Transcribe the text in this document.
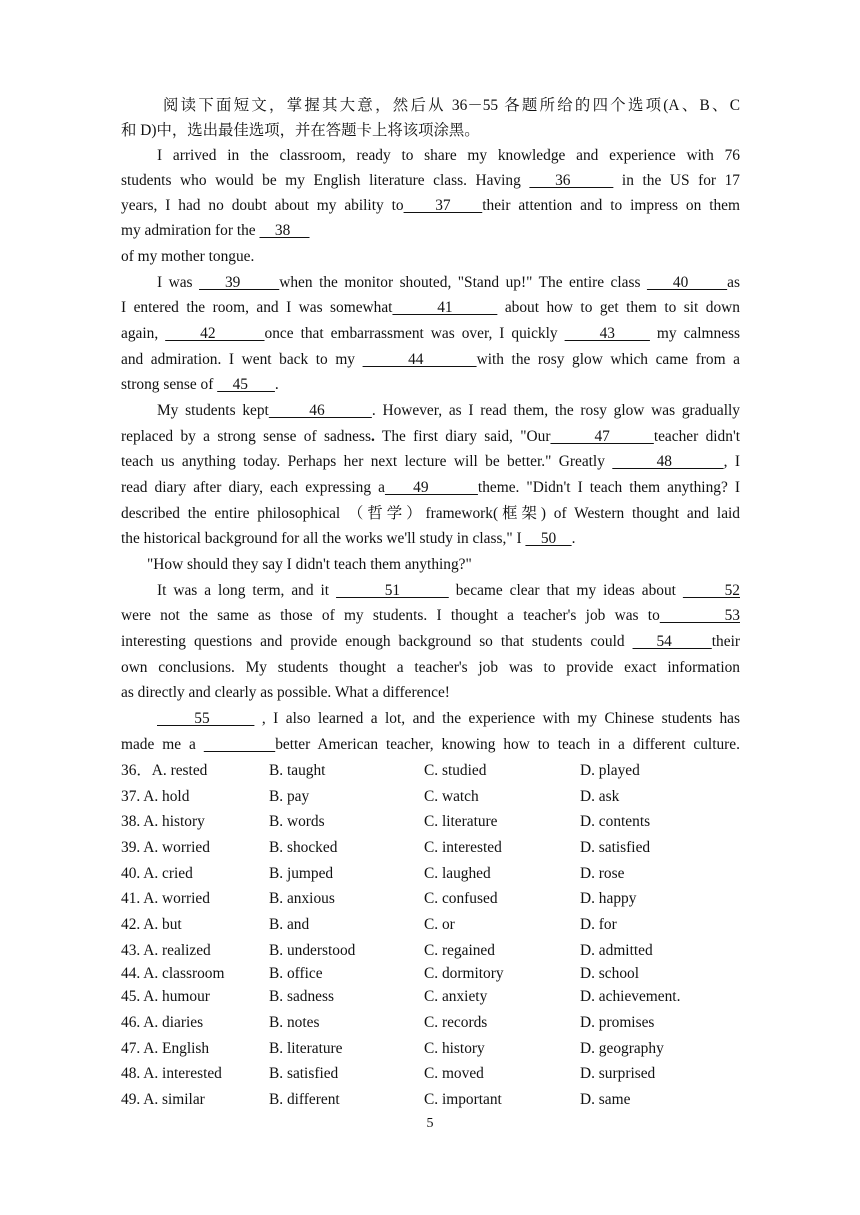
阅读下面短文，掌握其大意，然后从 36－55 各题所给的四个选项(A、B、C
和 D)中，选出最佳选项，并在答题卡上将该项涂黑。
I arrived in the classroom, ready to share my knowledge and experience with 76
students who would be my English literature class. Having    36      in the US for 17
years, I had no doubt about my ability to    37    their attention and to impress on them
my admiration for the     38
of my mother tongue.
I was     39      when the monitor shouted, "Stand up!" The entire class     40      as
I entered the room, and I was somewhat      41       about how to get them to sit down
again,      42       once that embarrassment was over, I quickly      43      my calmness
and admiration. I went back to my       44       with the rosy glow which came from a
strong sense of     45       .
My students kept      46       . However, as I read them, the rosy glow was gradually
replaced by a strong sense of sadness. The first diary said, "Our      47      teacher didn't
teach us anything today. Perhaps her next lecture will be better." Greatly       48       , I
read diary after diary, each expressing a    49       theme. "Didn't I teach them anything? I
described the entire philosophical （哲学）framework(框架) of Western thought and laid
the historical background for all the works we'll study in class," I     50    .
"How should they say I didn't teach them anything?"
It was a long term, and it        51        became clear that my ideas about       52
were not the same as those of my students. I thought a teacher's job was to       53
interesting questions and provide enough background so that students could    54     their
own conclusions. My students thought a teacher's job was to provide exact information
as directly and clearly as possible. What a difference!
55       , I also learned a lot, and the experience with my Chinese students has
made me a	better American teacher, knowing how to teach in a different culture.
36．A. rested	B. taught	C. studied	D. played
37. A. hold	B. pay	C. watch	D. ask
38. A. history	B. words	C. literature	D. contents
39. A. worried	B. shocked	C. interested	D. satisfied
40. A. cried	B. jumped	C. laughed	D. rose
41. A. worried	B. anxious	C. confused	D. happy
42. A. but	B. and	C. or	D. for
43. A. realized	B. understood	C. regained	D. admitted
44. A. classroom	B. office	C. dormitory	D. school
45. A. humour	B. sadness	C. anxiety	D. achievement.
46. A. diaries	B. notes	C. records	D. promises
47. A. English	B. literature	C. history	D. geography
48. A. interested	B. satisfied	C. moved	D. surprised
49. A. similar	B. different	C. important	D. same
5
